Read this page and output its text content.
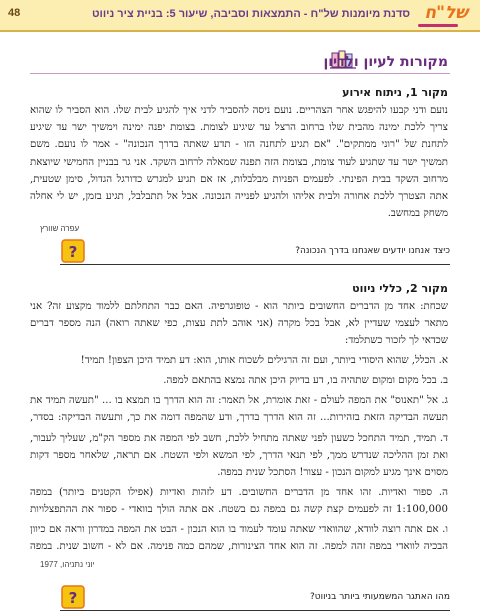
48	סדנת מיומנות של"ח - התמצאות וסביבה, שיעור 5: בניית ציר ניווט של"ח
מקורות לעיון ולדיון
מקור 1, ניתוח אירוע
נועם ודני קבעו להיפגש אחר הצהריים. נועם ניסה להסביר לדני איך להגיע לבית שלו. הוא הסביר לו שהוא צריך ללכת ימינה מהבית שלו ברחוב הרצל עד שיגיע לצומת. בצומת יפנה ימינה וימשיך ישר עד שיגיע לתחנת של "רוני ממתקים". "אם תגיע לתחנה הזו - תדע שאתה בדרך הנכונה" - אמר לו נועם. משם תמשיך ישר עד שתגיע לעוד צומת, בצומת הזה תפנה שמאלה לרחוב השקד. אני גר בבניין החמישי שיוצאת מרחוב השקד בבית הפינתי. לפעמים הפניות מבלבלות, אז אם תגיע למגרש כדורגל הגדול, סימן שטעית, אתה הצטרך ללכת אחורה ולבית אליהו ולהגיע לפנייה הנכונה. אבל אל תתבלבל, תגיע בזמן, יש לי אחלה משחק במחשב.
עפרה שוורץ
?	כיצד אנחנו יודעים שאנחנו בדרך הנכונה?
מקור 2, כללי ניווט
שכחת: אחד מן הדברים החשובים ביותר הוא - טופוגרפיה. האם כבר התחלתם ללמוד מקצוע זה? אני מתאר לעצמי שעדיין לא, אבל בכל מקרה (אני אוהב לתת עצות, כפי שאתה רואה) הנה מספר דברים שכדאי לך לזכור כשתלמד:
א. הכלל, שהוא היסודי ביותר, ועם זה הרגילים לשכוח אותו, הוא: דע תמיד היכן הצפון! תמיד!
ב. בכל מקום ומקום שתהיה בו, דע בדיוק היכן אתה נמצא בהתאם למפה.
ג. אל "תאנוס" את המפה לעולם - זאת אומרת, אל תאמר: זה הוא הדרך בו תמצא בו ... "תעשה תמיד את תעשה הבדיקה הזאת בזהירות... זה הוא הדרך בדרך, ודע שהמפה דומה את כך, ותעשה הבדיקה: בסדר,
ד. תמיד, תמיד התחכל כשעון לפני שאתה מתחיל ללכת, חשב לפי המפה את מספר הק"מ, שעליך לעבור, ואת זמן ההליכה שנדרש ממך, לפי תנאי הדרך, לפי המשא ולפי השטח. אם תראה, שלאחר מספר דקות מסוים אינך מגיע למקום הנכון - עצור! הסתכל שנית במפה.
ה. ספור ואדיות. זהו אחד מן הדברים החשובים. דע לזהות ואדיות (אפילו הקטנים ביותר) במפה 1:100,000 זה לפעמים קצת קשה גם במפה גם בשטח. אם אתה הולך בוואדי - ספור את ההתפצלויות
ו. אם אתה רוצה לוודא, שהוואדי שאתה עומד לעמוד בו הוא הנכון - הבט את המפה במדרון וראה אם כיוון הבכיה לוואדי במפה זהה למפה. זה הוא אחד הצינורות, שמהם כמה פנימה. אם לא - חשוב שנית. במפה
יוני נתניהו, 1977
?	מהו האתגר המשמעותי ביותר בניווט?
